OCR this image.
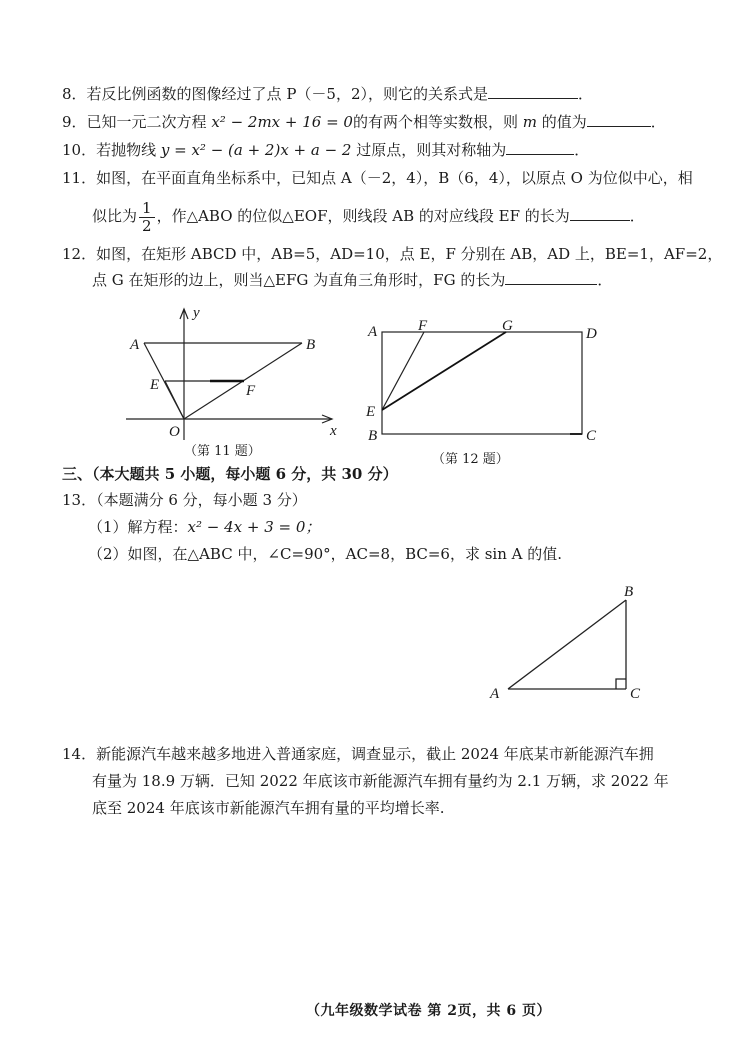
8．若反比例函数的图像经过了点 P（－5，2），则它的关系式是	．
9．已知一元二次方程 x² − 2mx + 16 = 0的有两个相等实数根，则 m 的值为	．
10．若抛物线 y = x² − (a + 2)x + a − 2 过原点，则其对称轴为	．
11．如图，在平面直角坐标系中，已知点 A（－2，4），B（6，4），以原点 O 为位似中心，相
似比为 $\frac{1}{2}$ ，作△ABO 的位似△EOF，则线段 AB 的对应线段 EF 的长为	．
12．如图，在矩形 ABCD 中，AB=5，AD=10，点 E，F 分别在 AB，AD 上，BE=1，AF=2，
点 G 在矩形的边上，则当△EFG 为直角三角形时，FG 的长为	．
y
A	B
E	F
O	x
（第 11 题）
A	F	G	D
E
B	C
（第 12 题）
三、（本大题共 5 小题，每小题 6 分，共 30 分）
13．（本题满分 6 分，每小题 3 分）
（1）解方程：x² − 4x + 3 = 0；
（2）如图，在△ABC 中，∠C=90°，AC=8，BC=6，求 sin A 的值.
B
A	C
14．新能源汽车越来越多地进入普通家庭，调查显示，截止 2024 年底某市新能源汽车拥
有量为 18.9 万辆．已知 2022 年底该市新能源汽车拥有量约为 2.1 万辆，求 2022 年
底至 2024 年底该市新能源汽车拥有量的平均增长率.
（九年级数学试卷 第 2页，共 6 页）
